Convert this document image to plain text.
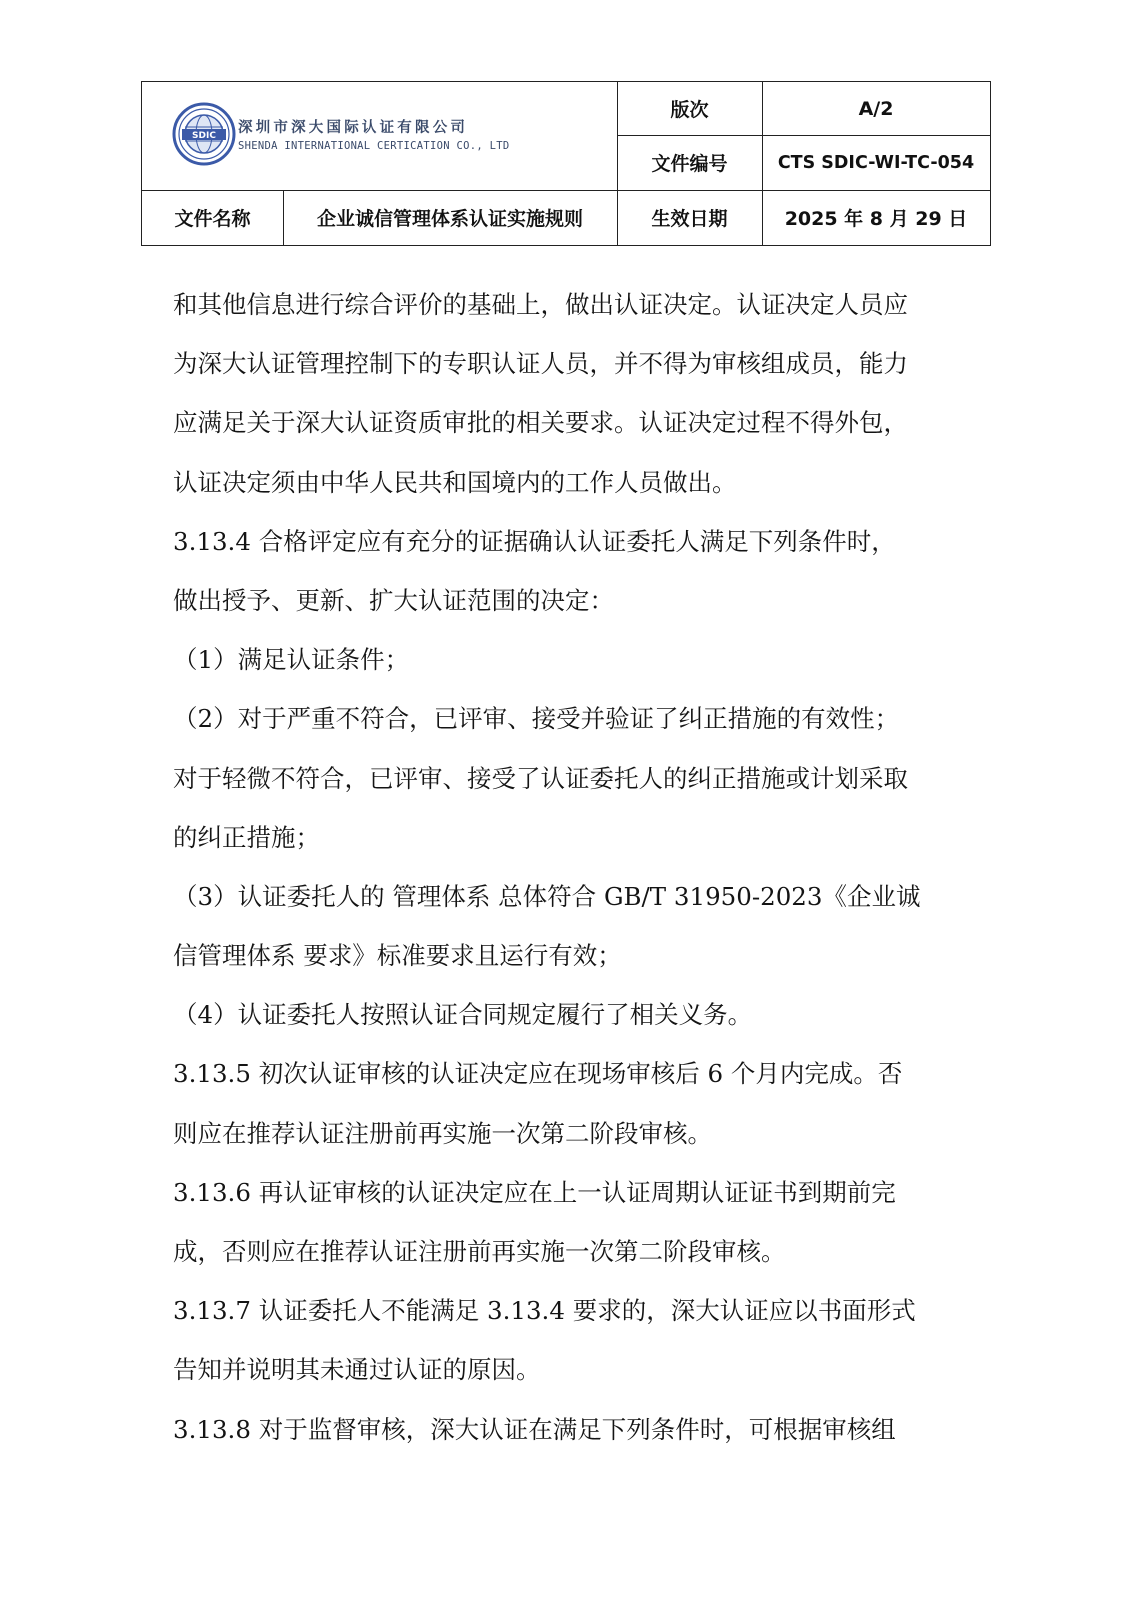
SDIC 深圳市深大国际认证有限公司
SHENDA INTERNATIONAL CERTICATION CO., LTD
版次	A/2
文件编号	CTS SDIC-WI-TC-054
文件名称	企业诚信管理体系认证实施规则	生效日期	2025 年 8 月 29 日
和其他信息进行综合评价的基础上，做出认证决定。认证决定人员应
为深大认证管理控制下的专职认证人员，并不得为审核组成员，能力
应满足关于深大认证资质审批的相关要求。认证决定过程不得外包，
认证决定须由中华人民共和国境内的工作人员做出。
3.13.4 合格评定应有充分的证据确认认证委托人满足下列条件时，
做出授予、更新、扩大认证范围的决定：
（1）满足认证条件；
（2）对于严重不符合，已评审、接受并验证了纠正措施的有效性；
对于轻微不符合，已评审、接受了认证委托人的纠正措施或计划采取
的纠正措施；
（3）认证委托人的 管理体系 总体符合 GB/T 31950-2023《企业诚
信管理体系 要求》标准要求且运行有效；
（4）认证委托人按照认证合同规定履行了相关义务。
3.13.5 初次认证审核的认证决定应在现场审核后 6 个月内完成。否
则应在推荐认证注册前再实施一次第二阶段审核。
3.13.6 再认证审核的认证决定应在上一认证周期认证证书到期前完
成，否则应在推荐认证注册前再实施一次第二阶段审核。
3.13.7 认证委托人不能满足 3.13.4 要求的，深大认证应以书面形式
告知并说明其未通过认证的原因。
3.13.8 对于监督审核，深大认证在满足下列条件时，可根据审核组
